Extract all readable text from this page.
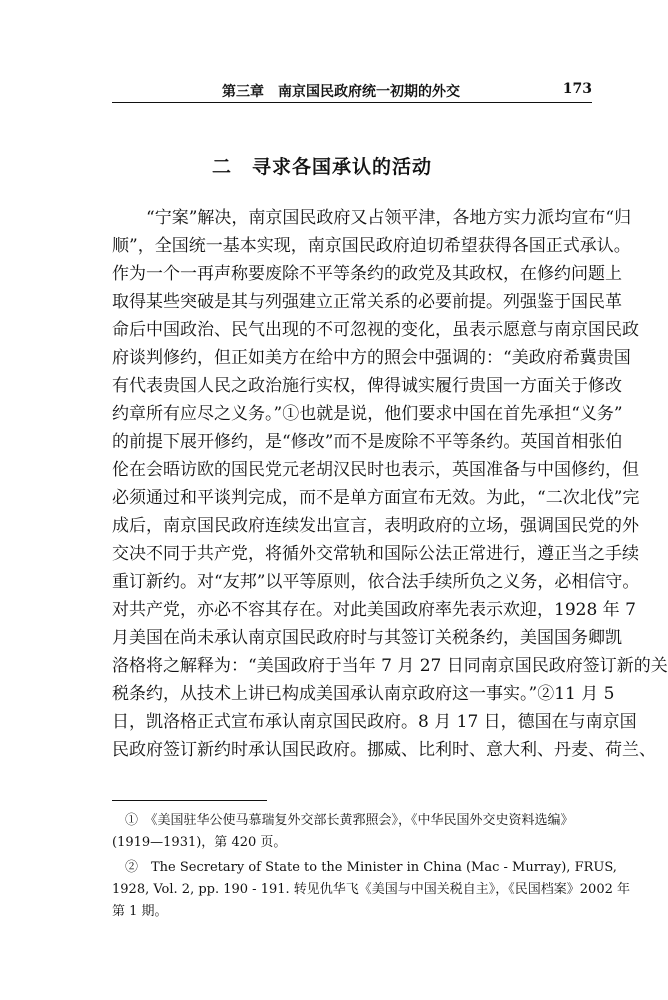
第三章　南京国民政府统一初期的外交	173
二　寻求各国承认的活动
　　“宁案”解决，南京国民政府又占领平津，各地方实力派均宣布“归
顺”，全国统一基本实现，南京国民政府迫切希望获得各国正式承认。
作为一个一再声称要废除不平等条约的政党及其政权，在修约问题上
取得某些突破是其与列强建立正常关系的必要前提。列强鉴于国民革
命后中国政治、民气出现的不可忽视的变化，虽表示愿意与南京国民政
府谈判修约，但正如美方在给中方的照会中强调的：“美政府希冀贵国
有代表贵国人民之政治施行实权，俾得诚实履行贵国一方面关于修改
约章所有应尽之义务。”①也就是说，他们要求中国在首先承担“义务”
的前提下展开修约，是“修改”而不是废除不平等条约。英国首相张伯
伦在会晤访欧的国民党元老胡汉民时也表示，英国准备与中国修约，但
必须通过和平谈判完成，而不是单方面宣布无效。为此，“二次北伐”完
成后，南京国民政府连续发出宣言，表明政府的立场，强调国民党的外
交决不同于共产党，将循外交常轨和国际公法正常进行，遵正当之手续
重订新约。对“友邦”以平等原则，依合法手续所负之义务，必相信守。
对共产党，亦必不容其存在。对此美国政府率先表示欢迎，1928 年 7
月美国在尚未承认南京国民政府时与其签订关税条约，美国国务卿凯
洛格将之解释为：“美国政府于当年 7 月 27 日同南京国民政府签订新的关
税条约，从技术上讲已构成美国承认南京政府这一事实。”②11 月 5
日，凯洛格正式宣布承认南京国民政府。8 月 17 日，德国在与南京国
民政府签订新约时承认国民政府。挪威、比利时、意大利、丹麦、荷兰、
　①　《美国驻华公使马慕瑞复外交部长黄郛照会》，《中华民国外交史资料选编》
(1919—1931)，第 420 页。
　②　The Secretary of State to the Minister in China (Mac - Murray), FRUS,
1928, Vol. 2, pp. 190 - 191. 转见仇华飞《美国与中国关税自主》，《民国档案》2002 年
第 1 期。
